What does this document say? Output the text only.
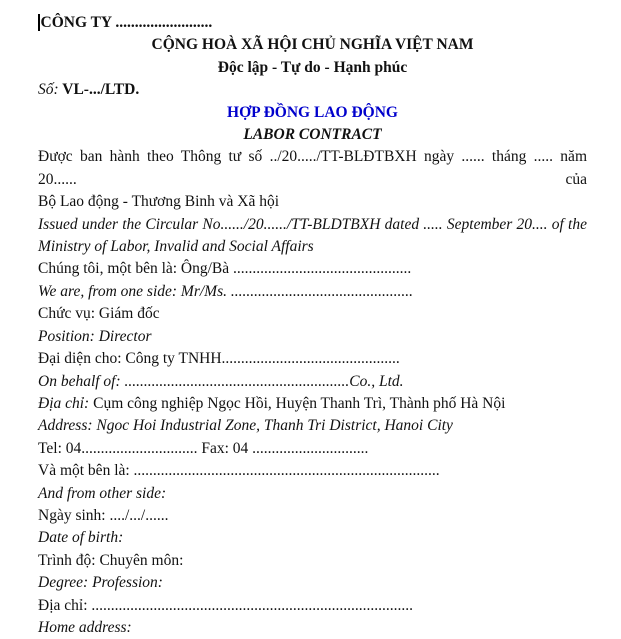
CÔNG TY .........................
CỘNG HOÀ XÃ HỘI CHỦ NGHĨA VIỆT NAM
Độc lập - Tự do - Hạnh phúc
Số: VL-.../LTD.
HỢP ĐỒNG LAO ĐỘNG
LABOR CONTRACT
Được ban hành theo Thông tư số ../20...../TT-BLĐTBXH ngày ...... tháng ..... năm 20...... của
Bộ Lao động - Thương Binh và Xã hội
Issued under the Circular No....../20....../TT-BLDTBXH dated ..... September 20.... of the
Ministry of Labor, Invalid and Social Affairs
Chúng tôi, một bên là: Ông/Bà ..............................................
We are, from one side: Mr/Ms. ...............................................
Chức vụ: Giám đốc
Position: Director
Đại diện cho: Công ty TNHH..............................................
On behalf of: ..........................................................Co., Ltd.
Địa chỉ: Cụm công nghiệp Ngọc Hồi, Huyện Thanh Trì, Thành phố Hà Nội
Address: Ngoc Hoi Industrial Zone, Thanh Tri District, Hanoi City
Tel: 04.............................. Fax: 04 ..............................
Và một bên là: ...............................................................................
And from other side:
Ngày sinh: ..../.../......
Date of birth:
Trình độ: Chuyên môn:
Degree: Profession:
Địa chỉ: ...................................................................................
Home address:
